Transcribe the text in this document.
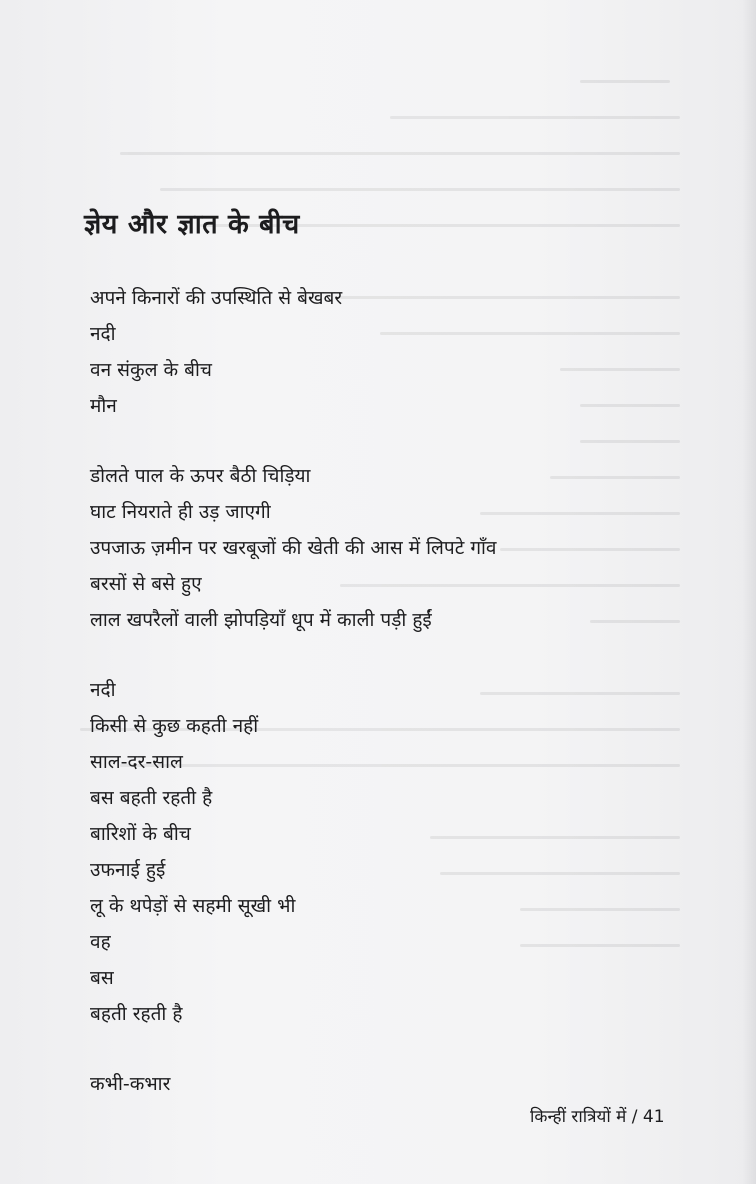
ज्ञेय और ज्ञात के बीच
अपने किनारों की उपस्थिति से बेखबर
नदी
वन संकुल के बीच
मौन
डोलते पाल के ऊपर बैठी चिड़िया
घाट नियराते ही उड़ जाएगी
उपजाऊ ज़मीन पर खरबूजों की खेती की आस में लिपटे गाँव
बरसों से बसे हुए
लाल खपरैलों वाली झोपड़ियाँ धूप में काली पड़ी हुईं
नदी
किसी से कुछ कहती नहीं
साल-दर-साल
बस बहती रहती है
बारिशों के बीच
उफनाई हुई
लू के थपेड़ों से सहमी सूखी भी
वह
बस
बहती रहती है
कभी-कभार
किन्हीं रात्रियों में / 41
